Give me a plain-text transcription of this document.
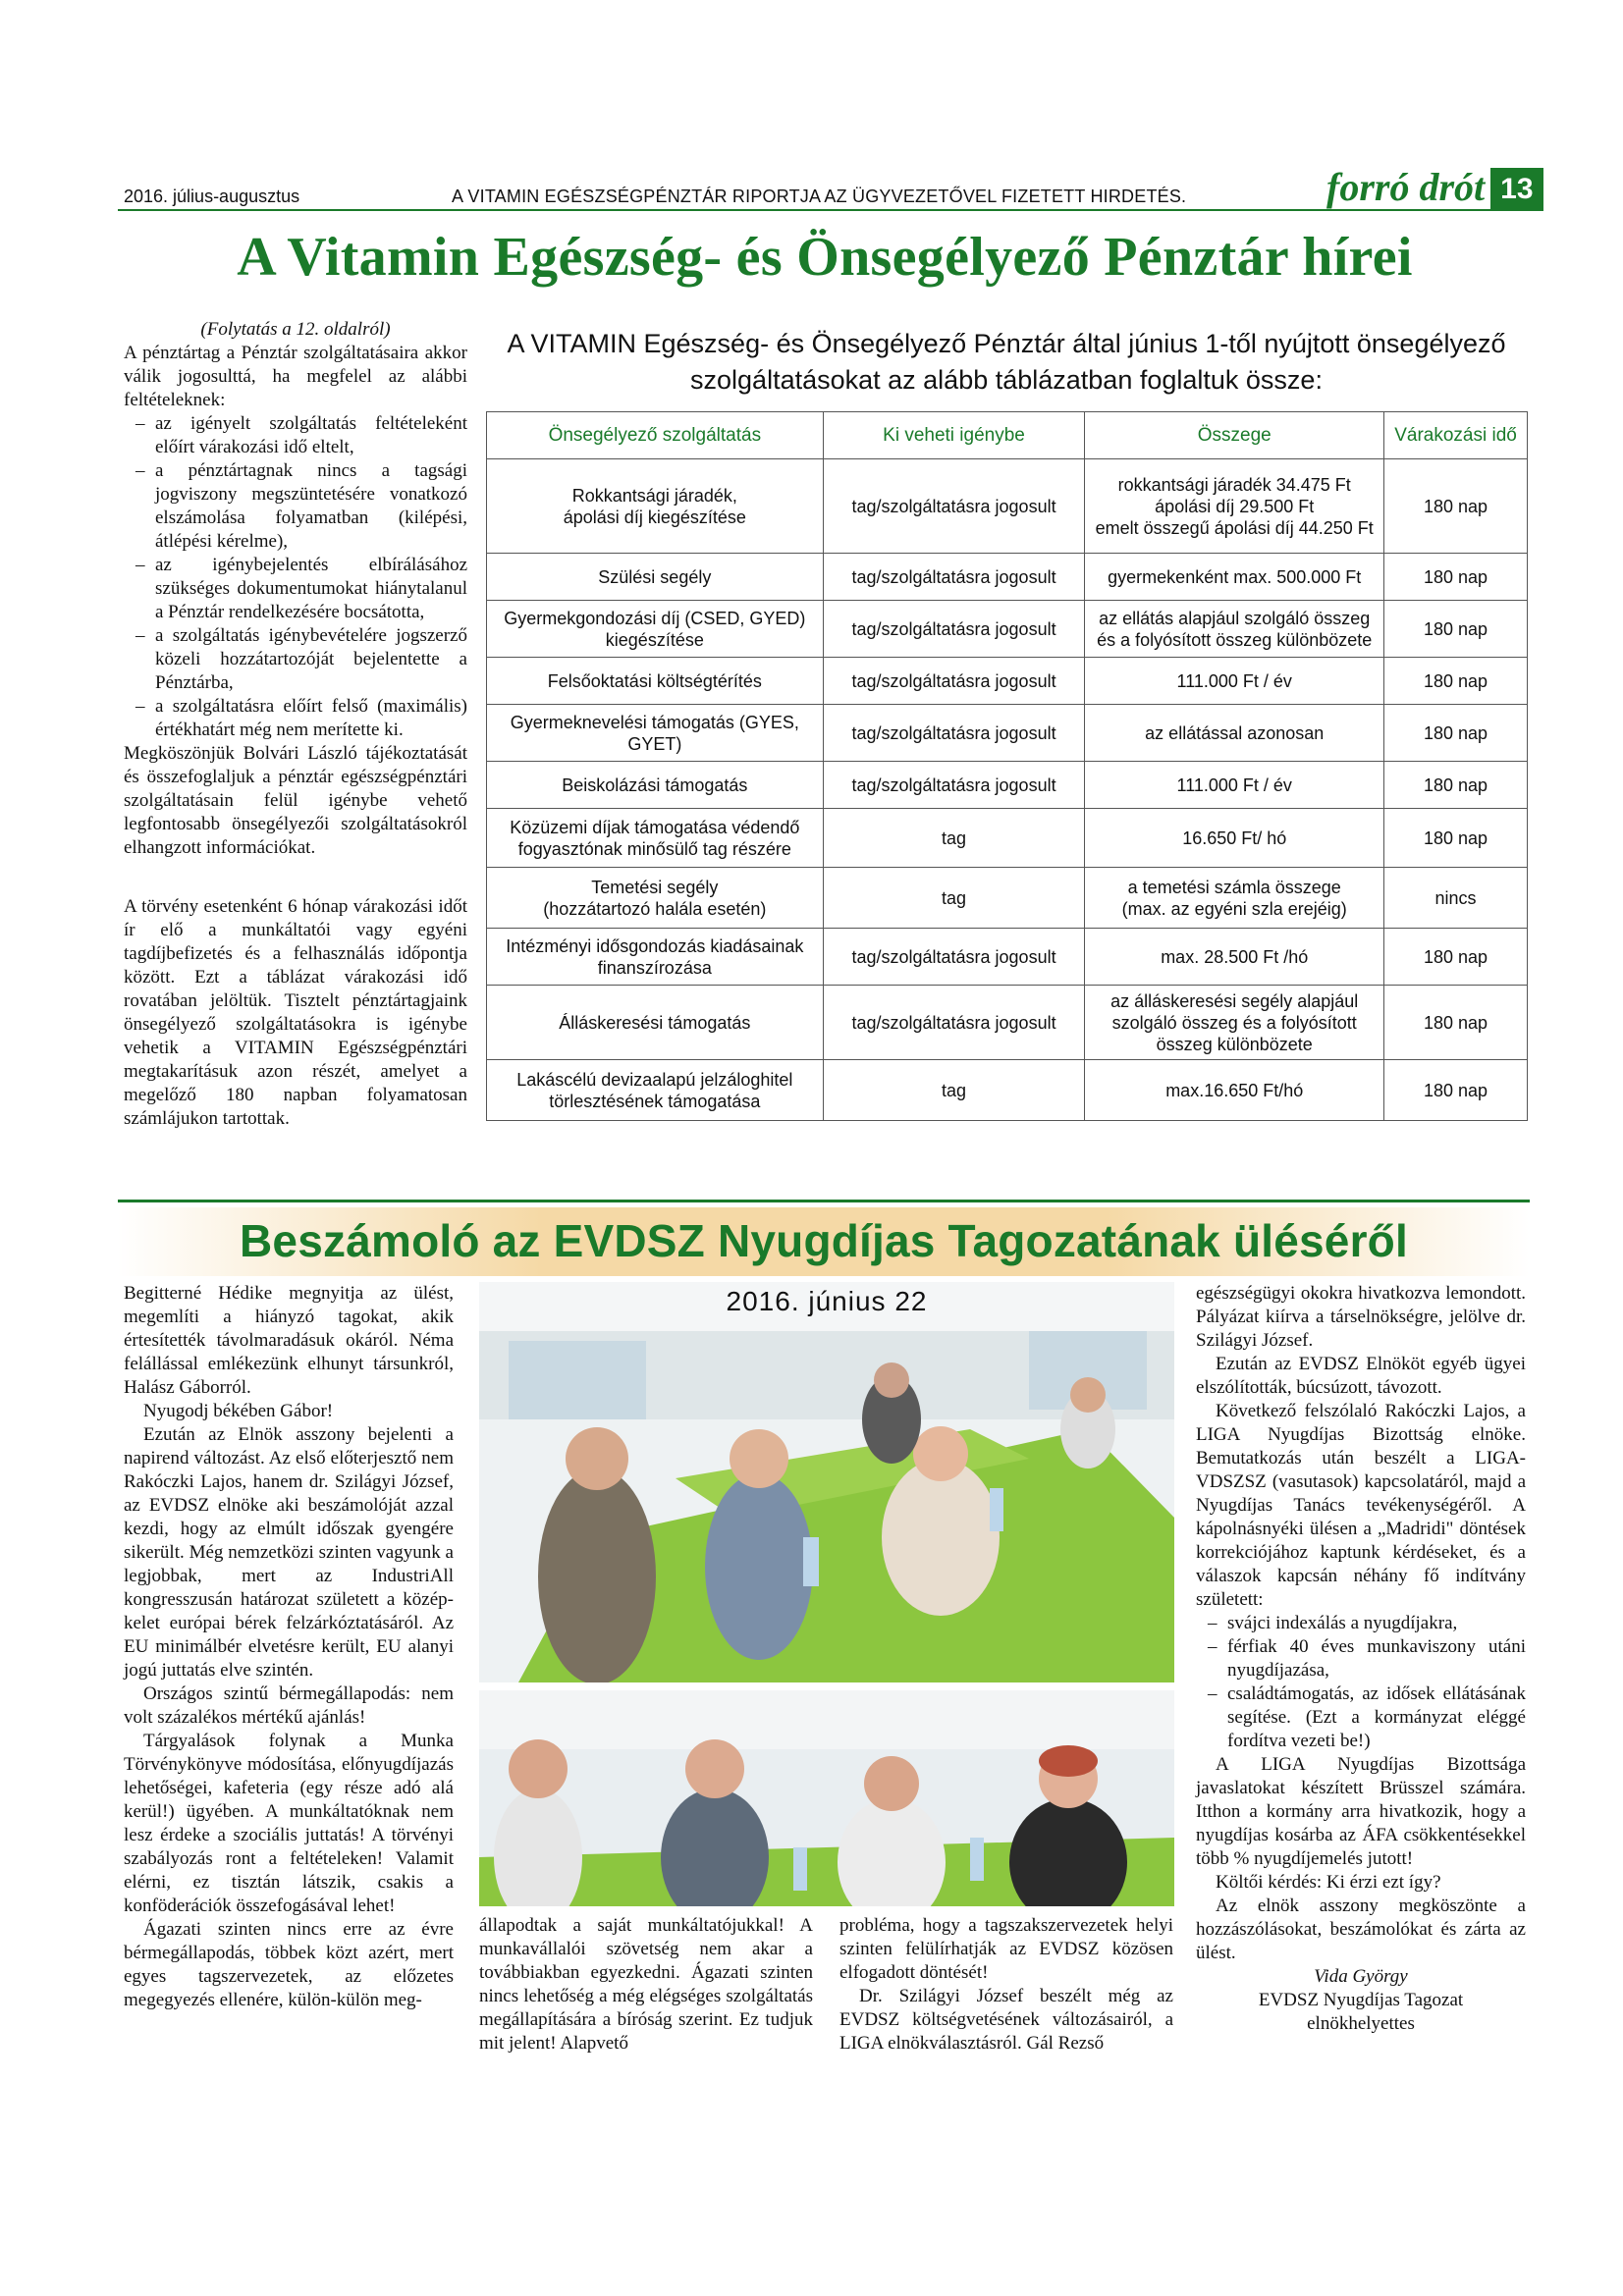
2016. július-augusztus	A VITAMIN EGÉSZSÉGPÉNZTÁR RIPORTJA AZ ÜGYVEZETŐVEL FIZETETT HIRDETÉS.	forró drót 13
A Vitamin Egészség- és Önsegélyező Pénztár hírei

(Folytatás a 12. oldalról)

A pénztártag a Pénztár szolgáltatásaira akkor válik jogosulttá, ha megfelel az alábbi feltételeknek:

– az igényelt szolgáltatás feltételeként előírt várakozási idő eltelt,
– a pénztártagnak nincs a tagsági jogviszony megszüntetésére vonatkozó elszámolása folyamatban (kilépési, átlépési kérelme),
– az igénybejelentés elbírálásához szükséges dokumentumokat hiánytalanul a Pénztár rendelkezésére bocsátotta,
– a szolgáltatás igénybevételére jogszerző közeli hozzátartozóját bejelentette a Pénztárba,
– a szolgáltatásra előírt felső (maximális) értékhatárt még nem merítette ki.

Megköszönjük Bolvári László tájékoztatását és összefoglaljuk a pénztár egészségpénztári szolgáltatásain felül igénybe vehető legfontosabb önsegélyezői szolgáltatásokról elhangzott információkat.

A törvény esetenként 6 hónap várakozási időt ír elő a munkáltatói vagy egyéni tagdíjbefizetés és a felhasználás időpontja között. Ezt a táblázat várakozási idő rovatában jelöltük. Tisztelt pénztártagjaink önsegélyező szolgáltatásokra is igénybe vehetik a VITAMIN Egészségpénztári megtakarításuk azon részét, amelyet a megelőző 180 napban folyamatosan számlájukon tartottak.

A VITAMIN Egészség- és Önsegélyező Pénztár által június 1-től nyújtott önsegélyező szolgáltatásokat az alább táblázatban foglaltuk össze:
Önsegélyező szolgáltatás	Ki veheti igénybe	Összege	Várakozási idő
Rokkantsági járadék,
ápolási díj kiegészítése	tag/szolgáltatásra jogosult	rokkantsági járadék 34.475 Ft
ápolási díj 29.500 Ft
emelt összegű ápolási díj 44.250 Ft	180 nap
Szülési segély	tag/szolgáltatásra jogosult	gyermekenként max. 500.000 Ft	180 nap
Gyermekgondozási díj (CSED, GYED) kiegészítése	tag/szolgáltatásra jogosult	az ellátás alapjául szolgáló összeg és a folyósított összeg különbözete	180 nap
Felsőoktatási költségtérítés	tag/szolgáltatásra jogosult	111.000 Ft / év	180 nap
Gyermeknevelési támogatás (GYES, GYET)	tag/szolgáltatásra jogosult	az ellátással azonosan	180 nap
Beiskolázási támogatás	tag/szolgáltatásra jogosult	111.000 Ft / év	180 nap
Közüzemi díjak támogatása védendő fogyasztónak minősülő tag részére	tag	16.650 Ft/ hó	180 nap
Temetési segély
(hozzátartozó halála esetén)	tag	a temetési számla összege
(max. az egyéni szla erejéig)	nincs
Intézményi idősgondozás kiadásainak finanszírozása	tag/szolgáltatásra jogosult	max. 28.500 Ft /hó	180 nap
Álláskeresési támogatás	tag/szolgáltatásra jogosult	az álláskeresési segély alapjául szolgáló összeg és a folyósított összeg különbözete	180 nap
Lakáscélú devizaalapú jelzáloghitel törlesztésének támogatása	tag	max.16.650 Ft/hó	180 nap
Beszámoló az EVDSZ Nyugdíjas Tagozatának üléséről

Begitterné Hédike megnyitja az ülést, megemlíti a hiányzó tagokat, akik értesítették távolmaradásuk okáról. Néma felállással emlékezünk elhunyt társunkról, Halász Gáborról.

Nyugodj békében Gábor!

Ezután az Elnök asszony bejelenti a napirend változást. Az első előterjesztő nem Rakóczki Lajos, hanem dr. Szilágyi József, az EVDSZ elnöke aki beszámolóját azzal kezdi, hogy az elmúlt időszak gyengére sikerült. Még nemzetközi szinten vagyunk a legjobbak, mert az IndustriAll kongresszusán határozat született a közép-kelet európai bérek felzárkóztatásáról. Az EU minimálbér elvetésre került, EU alanyi jogú juttatás elve szintén.

Országos szintű bérmegállapodás: nem volt százalékos mértékű ajánlás!

Tárgyalások folynak a Munka Törvénykönyve módosítása, előnyugdíjazás lehetőségei, kafeteria (egy része adó alá kerül!) ügyében. A munkáltatóknak nem lesz érdeke a szociális juttatás! A törvényi szabályozás ront a feltételeken! Valamit elérni, ez tisztán látszik, csakis a konföderációk összefogásával lehet!

Ágazati szinten nincs erre az évre bérmegállapodás, többek közt azért, mert egyes tagszervezetek, az előzetes megegyezés ellenére, külön-külön meg-

2016. június 22

állapodtak a saját munkáltatójukkal! A munkavállalói szövetség nem akar a továbbiakban egyezkedni. Ágazati szinten nincs lehetőség a még elégséges szolgáltatás megállapítására a bíróság szerint. Ez tudjuk mit jelent! Alapvető

probléma, hogy a tagszakszervezetek helyi szinten felülírhatják az EVDSZ közösen elfogadott döntését!

Dr. Szilágyi József beszélt még az EVDSZ költségvetésének változásairól, a LIGA elnökválasztásról. Gál Rezső

egészségügyi okokra hivatkozva lemondott. Pályázat kiírva a társelnökségre, jelölve dr. Szilágyi József.

Ezután az EVDSZ Elnököt egyéb ügyei elszólították, búcsúzott, távozott.

Következő felszólaló Rakóczki Lajos, a LIGA Nyugdíjas Bizottság elnöke. Bemutatkozás után beszélt a LIGA-VDSZSZ (vasutasok) kapcsolatáról, majd a Nyugdíjas Tanács tevékenységéről. A kápolnásnyéki ülésen a „Madridi" döntések korrekciójához kaptunk kérdéseket, és a válaszok kapcsán néhány fő indítvány született:

– svájci indexálás a nyugdíjakra,
– férfiak 40 éves munkaviszony utáni nyugdíjazása,
– családtámogatás, az idősek ellátásának segítése. (Ezt a kormányzat eléggé fordítva vezeti be!)

A LIGA Nyugdíjas Bizottsága javaslatokat készített Brüsszel számára. Itthon a kormány arra hivatkozik, hogy a nyugdíjas kosárba az ÁFA csökkentésekkel több % nyugdíjemelés jutott!

Költői kérdés: Ki érzi ezt így?

Az elnök asszony megköszönte a hozzászólásokat, beszámolókat és zárta az ülést.

Vida György

EVDSZ Nyugdíjas Tagozat

elnökhelyettes
